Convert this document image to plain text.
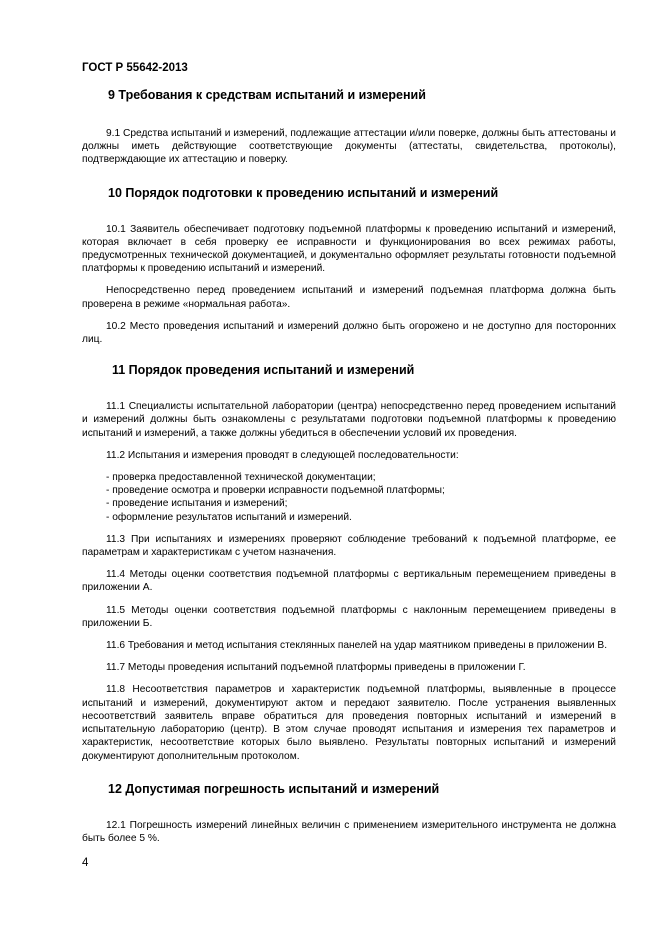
ГОСТ Р 55642-2013
9 Требования к средствам испытаний и измерений

9.1 Средства испытаний и измерений, подлежащие аттестации и/или поверке, должны быть аттестованы и должны иметь действующие соответствующие документы (аттестаты, свидетельства, протоколы), подтверждающие их аттестацию и поверку.

10 Порядок подготовки к проведению испытаний и измерений

10.1 Заявитель обеспечивает подготовку подъемной платформы к проведению испытаний и измерений, которая включает в себя проверку ее исправности и функционирования во всех режимах работы, предусмотренных технической документацией, и документально оформляет результаты готовности подъемной платформы к проведению испытаний и измерений.

Непосредственно перед проведением испытаний и измерений подъемная платформа должна быть проверена в режиме «нормальная работа».

10.2 Место проведения испытаний и измерений должно быть огорожено и не доступно для посторонних лиц.

11 Порядок проведения испытаний и измерений

11.1 Специалисты испытательной лаборатории (центра) непосредственно перед проведением испытаний и измерений должны быть ознакомлены с результатами подготовки подъемной платформы к проведению испытаний и измерений, а также должны убедиться в обеспечении условий их проведения.

11.2 Испытания и измерения проводят в следующей последовательности:

- проверка предоставленной технической документации;

- проведение осмотра и проверки исправности подъемной платформы;

- проведение испытания и измерений;

- оформление результатов испытаний и измерений.

11.3 При испытаниях и измерениях проверяют соблюдение требований к подъемной платформе, ее параметрам и характеристикам с учетом назначения.

11.4 Методы оценки соответствия подъемной платформы с вертикальным перемещением приведены в приложении А.

11.5 Методы оценки соответствия подъемной платформы с наклонным перемещением приведены в приложении Б.

11.6 Требования и метод испытания стеклянных панелей на удар маятником приведены в приложении В.

11.7 Методы проведения испытаний подъемной платформы приведены в приложении Г.

11.8 Несоответствия параметров и характеристик подъемной платформы, выявленные в процессе испытаний и измерений, документируют актом и передают заявителю. После устранения выявленных несоответствий заявитель вправе обратиться для проведения повторных испытаний и измерений в испытательную лабораторию (центр). В этом случае проводят испытания и измерения тех параметров и характеристик, несоответствие которых было выявлено. Результаты повторных испытаний и измерений документируют дополнительным протоколом.

12 Допустимая погрешность испытаний и измерений

12.1 Погрешность измерений линейных величин с применением измерительного инструмента не должна быть более 5 %.

4
